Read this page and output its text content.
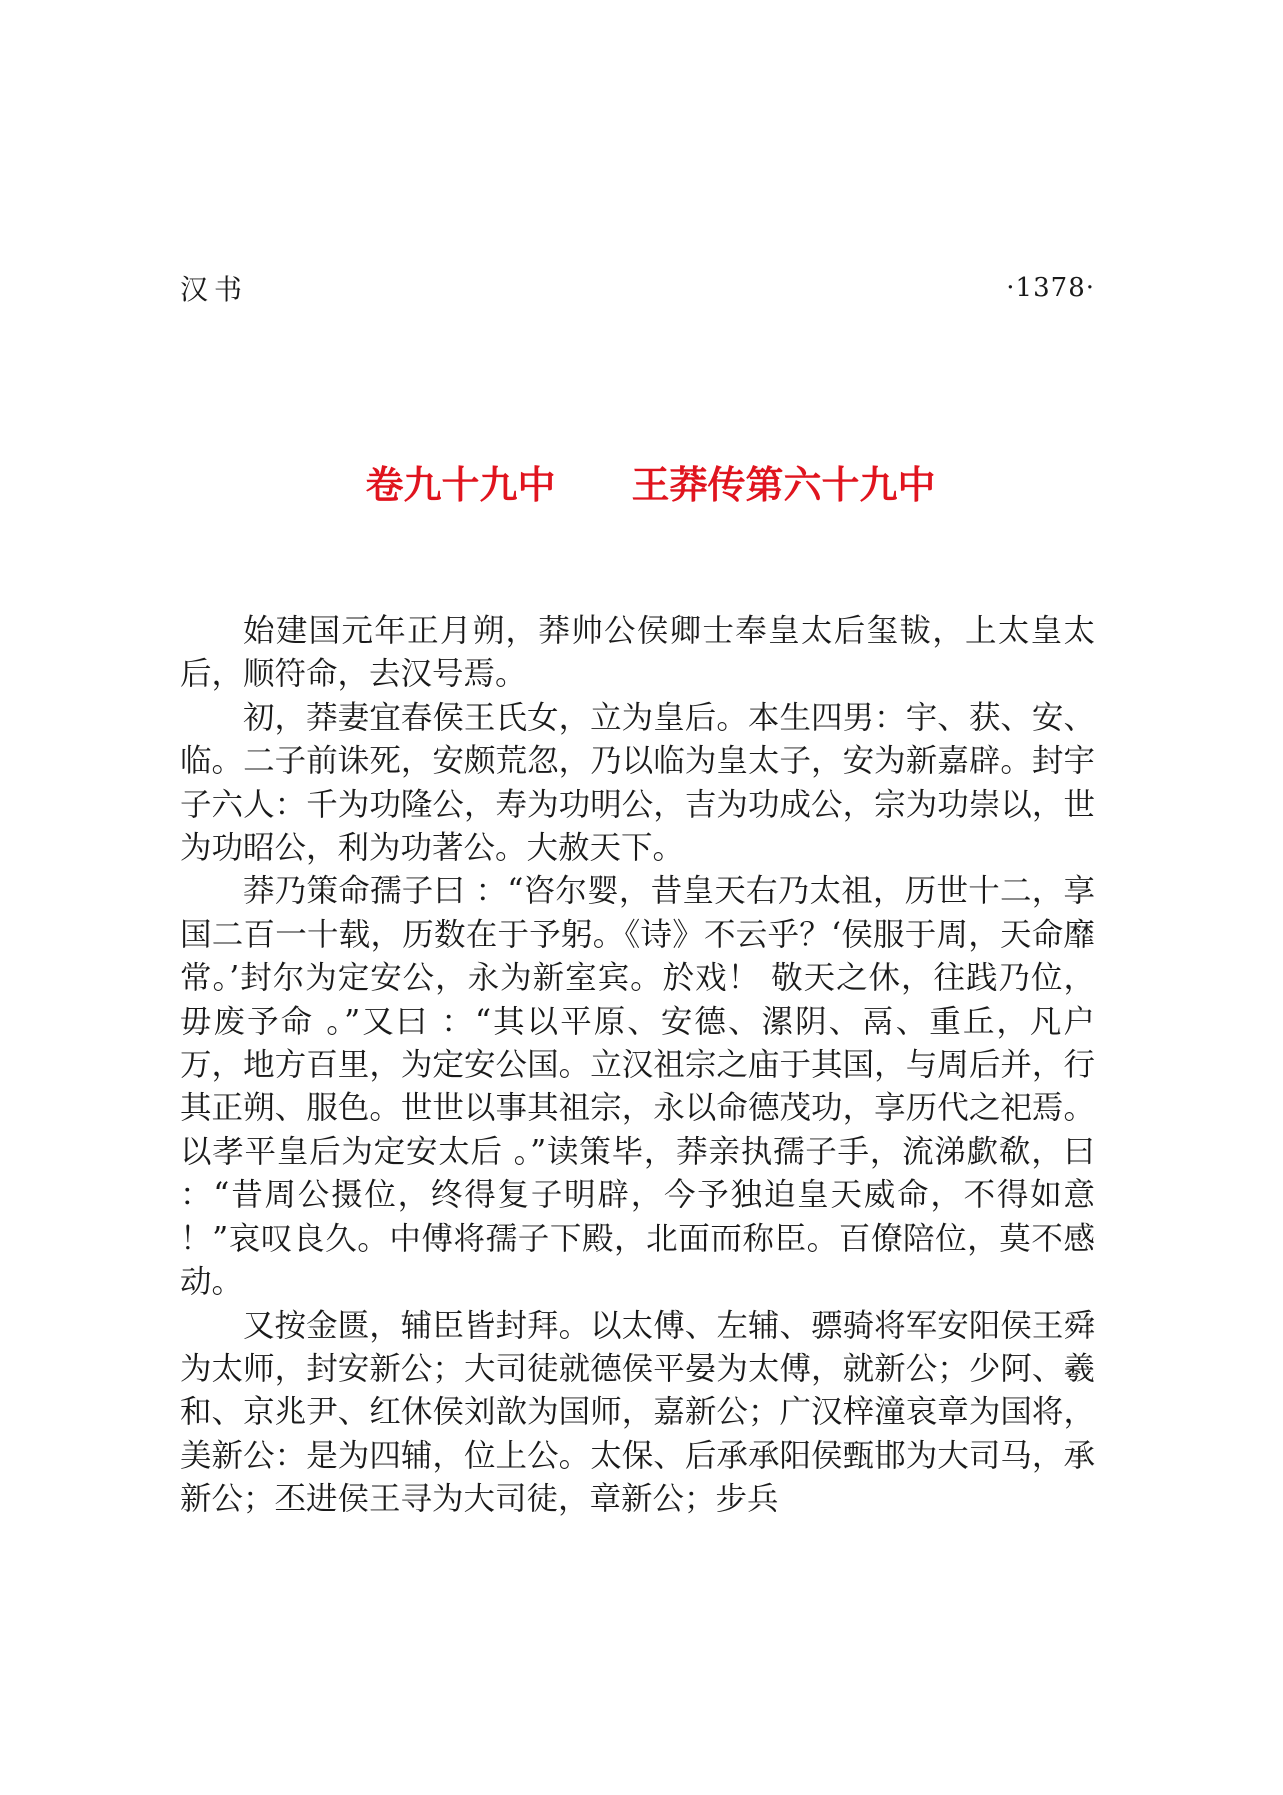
汉书	·1378·
卷九十九中 王莽传第六十九中

始建国元年正月朔，莽帅公侯卿士奉皇太后玺韨，上太皇太后，顺符命，去汉号焉。

初，莽妻宜春侯王氏女，立为皇后。本生四男：宇、获、安、临。二子前诛死，安颇荒忽，乃以临为皇太子，安为新嘉辟。封宇子六人：千为功隆公，寿为功明公，吉为功成公，宗为功崇以，世为功昭公，利为功著公。大赦天下。

莽乃策命孺子曰 ：“咨尔婴，昔皇天右乃太祖，历世十二，享国二百一十载，历数在于予躬。《诗》不云乎？‘侯服于周，天命靡常。’封尔为定安公，永为新室宾。於戏！ 敬天之休，往践乃位，毋废予命 。”又曰 ：“其以平原、安德、漯阴、鬲、重丘，凡户万，地方百里，为定安公国。立汉祖宗之庙于其国，与周后并，行其正朔、服色。世世以事其祖宗，永以命德茂功，享历代之祀焉。以孝平皇后为定安太后 。”读策毕，莽亲执孺子手，流涕歔欷，曰 ：“昔周公摄位，终得复子明辟，今予独迫皇天威命，不得如意 ！”哀叹良久。中傅将孺子下殿，北面而称臣。百僚陪位，莫不感动。

又按金匮，辅臣皆封拜。以太傅、左辅、骠骑将军安阳侯王舜为太师，封安新公；大司徒就德侯平晏为太傅，就新公；少阿、羲和、京兆尹、红休侯刘歆为国师，嘉新公；广汉梓潼哀章为国将，美新公：是为四辅，位上公。太保、后承承阳侯甄邯为大司马，承新公；丕进侯王寻为大司徒，章新公；步兵
